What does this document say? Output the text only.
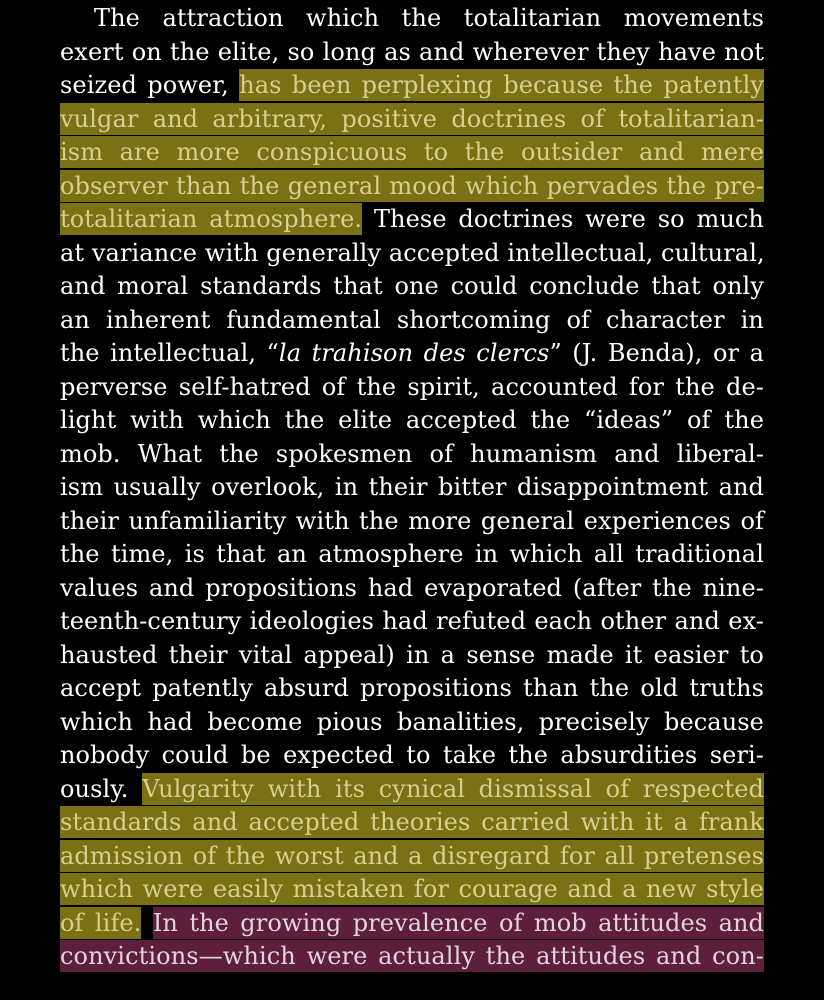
The attraction which the totalitarian movements
exert on the elite, so long as and wherever they have not
seized power, has been perplexing because the patently
vulgar and arbitrary, positive doctrines of totalitarian-
ism are more conspicuous to the outsider and mere
observer than the general mood which pervades the pre-
totalitarian atmosphere. These doctrines were so much
at variance with generally accepted intellectual, cultural,
and moral standards that one could conclude that only
an inherent fundamental shortcoming of character in
the intellectual, “la trahison des clercs” (J. Benda), or a
perverse self-hatred of the spirit, accounted for the de-
light with which the elite accepted the “ideas” of the
mob. What the spokesmen of humanism and liberal-
ism usually overlook, in their bitter disappointment and
their unfamiliarity with the more general experiences of
the time, is that an atmosphere in which all traditional
values and propositions had evaporated (after the nine-
teenth-century ideologies had refuted each other and ex-
hausted their vital appeal) in a sense made it easier to
accept patently absurd propositions than the old truths
which had become pious banalities, precisely because
nobody could be expected to take the absurdities seri-
ously. Vulgarity with its cynical dismissal of respected
standards and accepted theories carried with it a frank
admission of the worst and a disregard for all pretenses
which were easily mistaken for courage and a new style
of life. In the growing prevalence of mob attitudes and
convictions—which were actually the attitudes and con-
